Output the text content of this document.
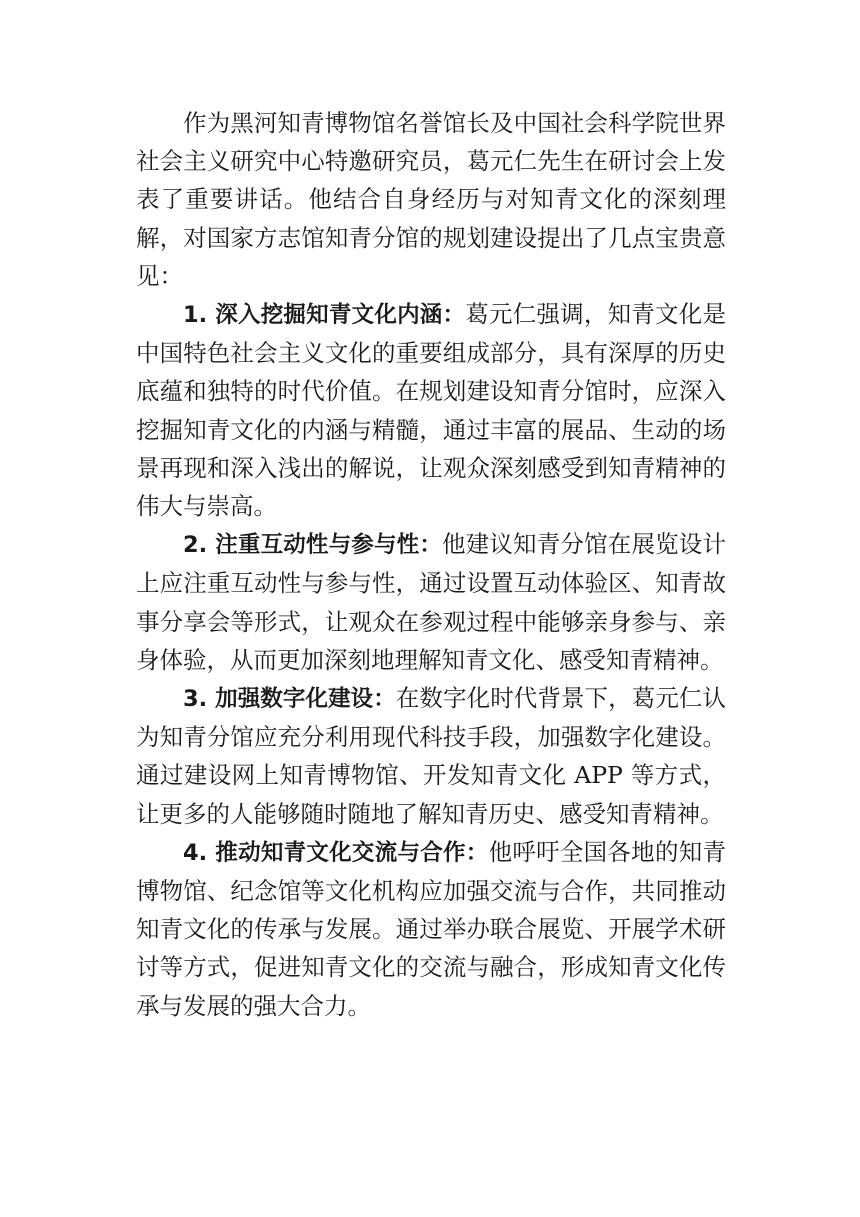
作为黑河知青博物馆名誉馆长及中国社会科学院世界社会主义研究中心特邀研究员，葛元仁先生在研讨会上发表了重要讲话。他结合自身经历与对知青文化的深刻理解，对国家方志馆知青分馆的规划建设提出了几点宝贵意见：

1. 深入挖掘知青文化内涵：葛元仁强调，知青文化是中国特色社会主义文化的重要组成部分，具有深厚的历史底蕴和独特的时代价值。在规划建设知青分馆时，应深入挖掘知青文化的内涵与精髓，通过丰富的展品、生动的场景再现和深入浅出的解说，让观众深刻感受到知青精神的伟大与崇高。

2. 注重互动性与参与性：他建议知青分馆在展览设计上应注重互动性与参与性，通过设置互动体验区、知青故事分享会等形式，让观众在参观过程中能够亲身参与、亲身体验，从而更加深刻地理解知青文化、感受知青精神。

3. 加强数字化建设：在数字化时代背景下，葛元仁认为知青分馆应充分利用现代科技手段，加强数字化建设。通过建设网上知青博物馆、开发知青文化 APP 等方式，让更多的人能够随时随地了解知青历史、感受知青精神。

4. 推动知青文化交流与合作：他呼吁全国各地的知青博物馆、纪念馆等文化机构应加强交流与合作，共同推动知青文化的传承与发展。通过举办联合展览、开展学术研讨等方式，促进知青文化的交流与融合，形成知青文化传承与发展的强大合力。
